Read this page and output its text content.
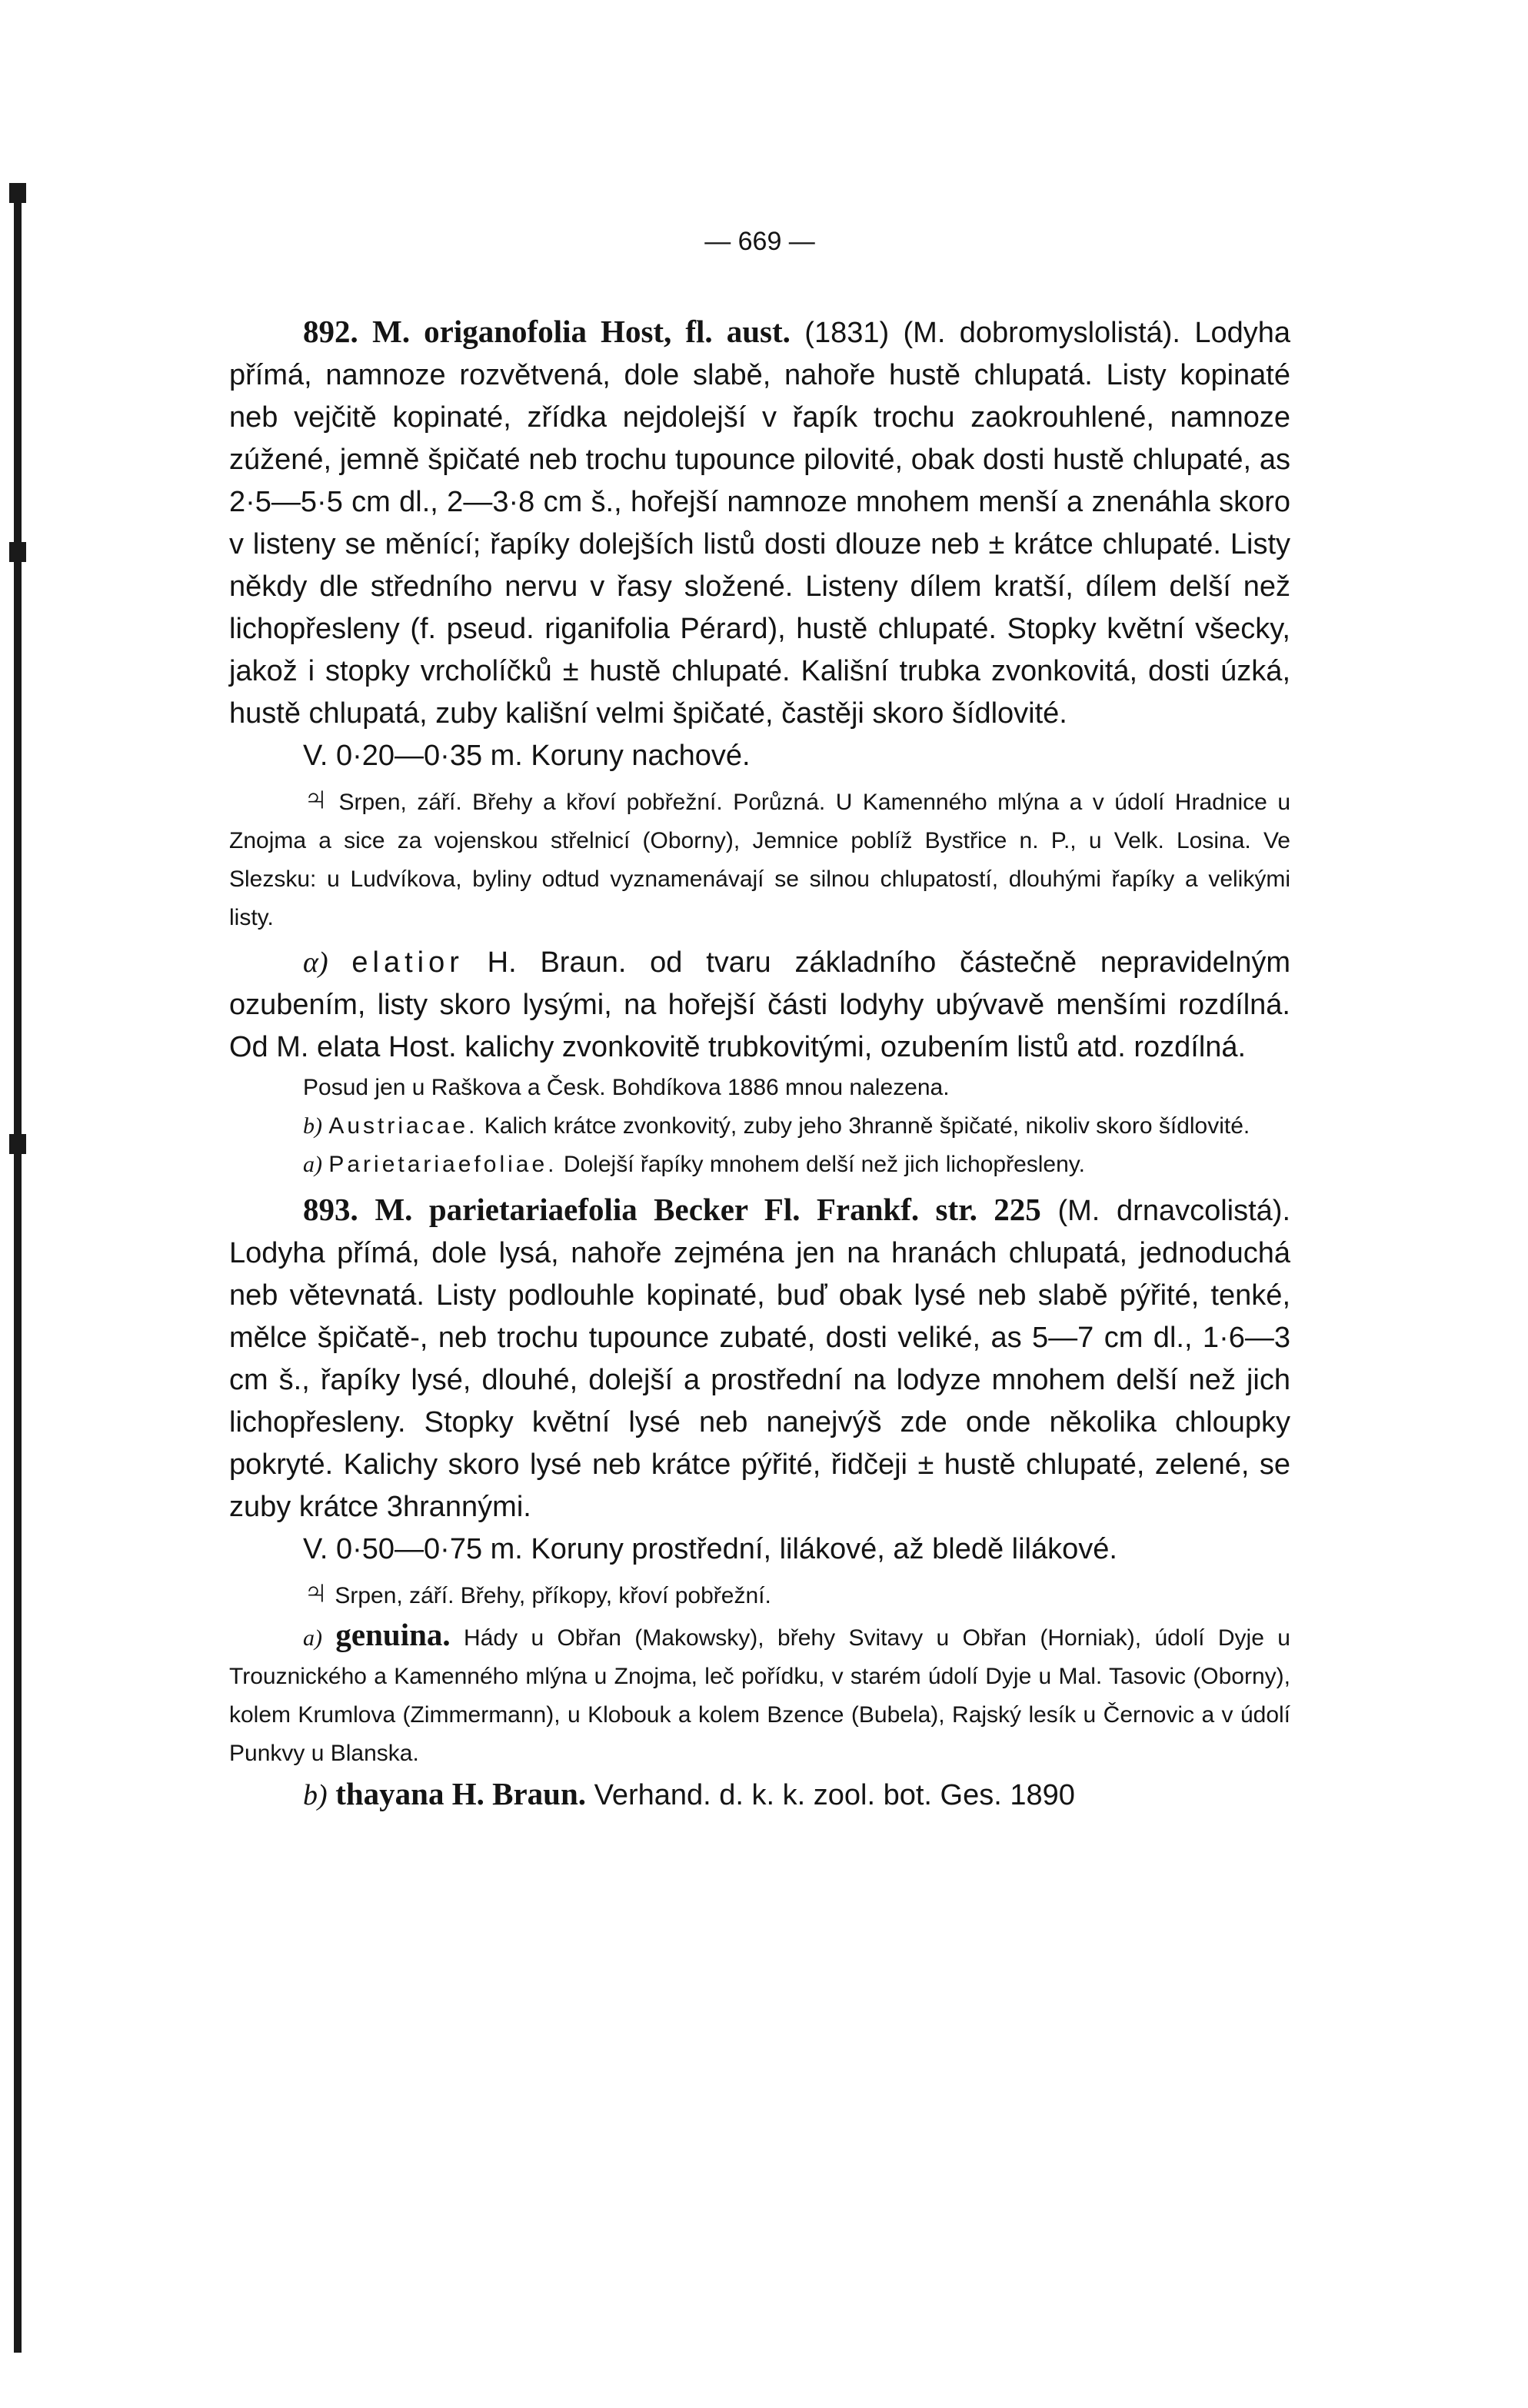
— 669 —

892. M. origanofolia Host, fl. aust. (1831) (M. dobromyslolistá). Lodyha přímá, namnoze rozvětvená, dole slabě, nahoře hustě chlupatá. Listy kopinaté neb vejčitě kopinaté, zřídka nejdolejší v řapík trochu zaokrouhlené, namnoze zúžené, jemně špičaté neb trochu tupounce pilovité, obak dosti hustě chlupaté, as 2·5—5·5 cm dl., 2—3·8 cm š., hořejší namnoze mnohem menší a znenáhla skoro v listeny se měnící; řapíky dolejších listů dosti dlouze neb ± krátce chlupaté. Listy někdy dle středního nervu v řasy složené. Listeny dílem kratší, dílem delší než lichopřesleny (f. pseud. riganifolia Pérard), hustě chlupaté. Stopky květní všecky, jakož i stopky vrcholíčků ± hustě chlupaté. Kališní trubka zvonkovitá, dosti úzká, hustě chlupatá, zuby kališní velmi špičaté, častěji skoro šídlovité.

V. 0·20—0·35 m. Koruny nachové.

♃ Srpen, září. Břehy a křoví pobřežní. Porůzná. U Kamenného mlýna a v údolí Hradnice u Znojma a sice za vojenskou střelnicí (Oborny), Jemnice poblíž Bystřice n. P., u Velk. Losina. Ve Slezsku: u Ludvíkova, byliny odtud vyznamenávají se silnou chlupatostí, dlouhými řapíky a velikými listy.

α) elatior H. Braun. od tvaru základního částečně nepravidelným ozubením, listy skoro lysými, na hořejší části lodyhy ubývavě menšími rozdílná. Od M. elata Host. kalichy zvonkovitě trubkovitými, ozubením listů atd. rozdílná.

Posud jen u Raškova a Česk. Bohdíkova 1886 mnou nalezena.

b) Austriacae. Kalich krátce zvonkovitý, zuby jeho 3hranně špičaté, nikoliv skoro šídlovité.

a) Parietariaefoliae. Dolejší řapíky mnohem delší než jich lichopřesleny.

893. M. parietariaefolia Becker Fl. Frankf. str. 225 (M. drnavcolistá). Lodyha přímá, dole lysá, nahoře zejména jen na hranách chlupatá, jednoduchá neb větevnatá. Listy podlouhle kopinaté, buď obak lysé neb slabě pýřité, tenké, mělce špičatě-, neb trochu tupounce zubaté, dosti veliké, as 5—7 cm dl., 1·6—3 cm š., řapíky lysé, dlouhé, dolejší a prostřední na lodyze mnohem delší než jich lichopřesleny. Stopky květní lysé neb nanejvýš zde onde několika chloupky pokryté. Kalichy skoro lysé neb krátce pýřité, řidčeji ± hustě chlupaté, zelené, se zuby krátce 3hrannými.

V. 0·50—0·75 m. Koruny prostřední, lilákové, až bledě lilákové.

♃ Srpen, září. Břehy, příkopy, křoví pobřežní.

a) genuina. Hády u Obřan (Makowsky), břehy Svitavy u Obřan (Horniak), údolí Dyje u Trouznického a Kamenného mlýna u Znojma, leč pořídku, v starém údolí Dyje u Mal. Tasovic (Oborny), kolem Krumlova (Zimmermann), u Klobouk a kolem Bzence (Bubela), Rajský lesík u Černovic a v údolí Punkvy u Blanska.

b) thayana H. Braun. Verhand. d. k. k. zool. bot. Ges. 1890
